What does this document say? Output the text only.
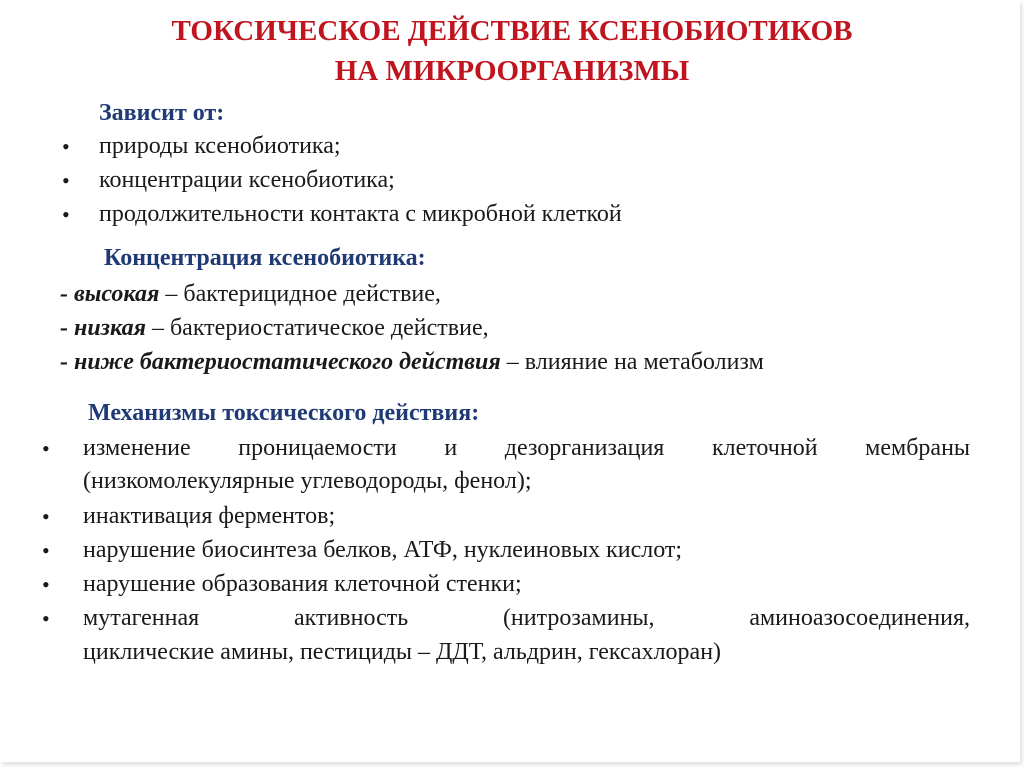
ТОКСИЧЕСКОЕ ДЕЙСТВИЕ КСЕНОБИОТИКОВ
НА МИКРООРГАНИЗМЫ

Зависит от:

• природы ксенобиотика;

• концентрации ксенобиотика;

• продолжительности контакта с микробной клеткой

Концентрация ксенобиотика:

- высокая – бактерицидное действие,

- низкая – бактериостатическое действие,

- ниже бактериостатического действия – влияние на метаболизм

Механизмы токсического действия:

• изменение проницаемости и дезорганизация клеточной мембраны

(низкомолекулярные углеводороды, фенол);

• инактивация ферментов;

• нарушение биосинтеза белков, АТФ, нуклеиновых кислот;

• нарушение образования клеточной стенки;

• мутагенная	активность	(нитрозамины,	аминоазосоединения,

циклические амины, пестициды – ДДТ, альдрин, гексахлоран)
